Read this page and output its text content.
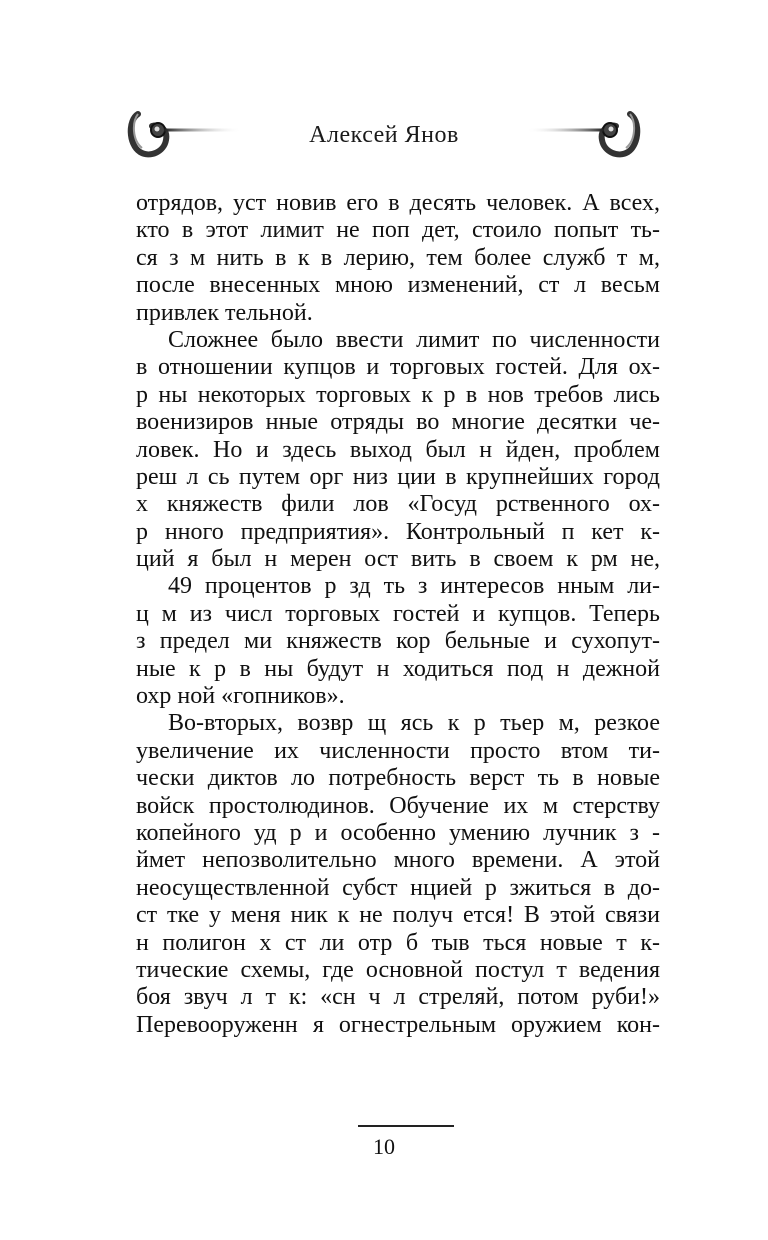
Алексей Янов
отрядов, уст новив его в десять человек. А всех,
кто в этот лимит не поп дет, стоило попыт ть-
ся з м нить в к в лерию, тем более служб т м,
после внесенных мною изменений, ст л весьм
привлек тельной.
Сложнее было ввести лимит по численности
в отношении купцов и торговых гостей. Для ох-
р ны некоторых торговых к р в нов требов лись
военизиров нные отряды во многие десятки че-
ловек. Но и здесь выход был н йден, проблем
реш л сь путем орг низ ции в крупнейших город
х княжеств фили лов «Госуд рственного ох-
р нного предприятия». Контрольный п кет к-
ций я был н мерен ост вить в своем к рм не,
49 процентов р зд ть з интересов нным ли-
ц м из числ торговых гостей и купцов. Теперь
з предел ми княжеств кор бельные и сухопут-
ные к р в ны будут н ходиться под н дежной
охр ной «гопников».
Во-вторых, возвр щ ясь к р тьер м, резкое
увеличение их численности просто втом ти-
чески диктов ло потребность верст ть в новые
войск простолюдинов. Обучение их м стерству
копейного уд р и особенно умению лучник з -
ймет непозволительно много времени. А этой
неосуществленной субст нцией р зжиться в до-
ст тке у меня ник к не получ ется! В этой связи
н полигон х ст ли отр б тыв ться новые т к-
тические схемы, где основной постул т ведения
боя звуч л т к: «сн ч л стреляй, потом руби!»
Перевооруженн я огнестрельным оружием кон-
10
